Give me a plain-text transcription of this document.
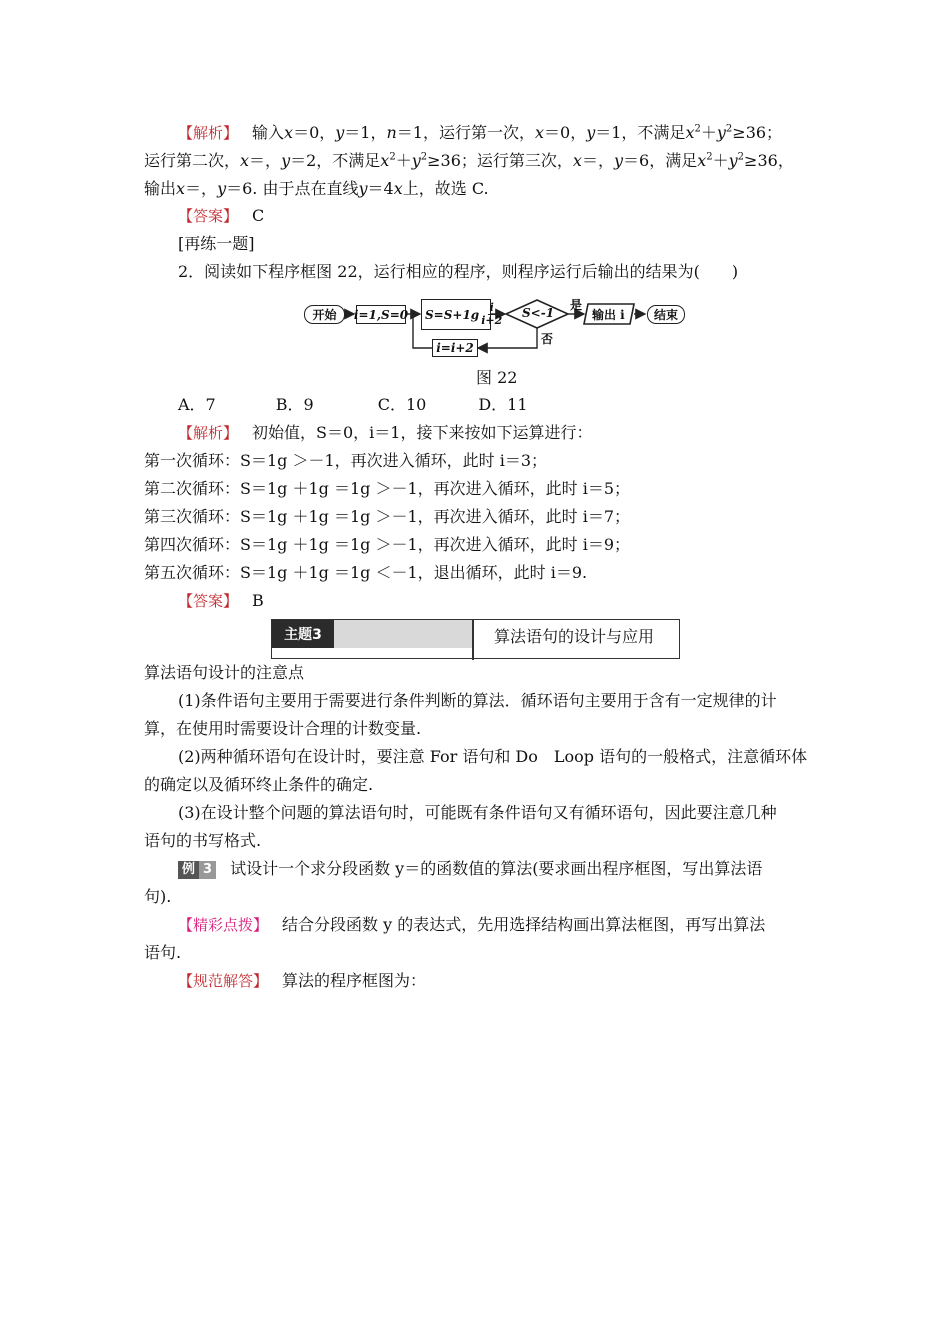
【解析】 输入x＝0，y＝1，n＝1，运行第一次，x＝0，y＝1，不满足$x^2+y^2\ge 36$；
运行第二次，x＝，y＝2，不满足$x^2+y^2\ge 36$；运行第三次，x＝，y＝6，满足$x^2+y^2\ge 36$，
输出x＝，y＝6. 由于点在直线y＝4x上，故选 C.
【答案】 C
[再练一题]
2．阅读如下程序框图 22，运行相应的程序，则程序运行后输出的结果为(　　)
开始	i=1,S=0 $S=S+1g \frac{i}{i+2} S<-1$
是
否
输出 i	结束
i=i+2
图 22
A．7	B．9	C．10	D．11
【解析】 初始值，S＝0，i＝1，接下来按如下运算进行：
第一次循环：S＝1g ＞－1，再次进入循环，此时 i＝3；
第二次循环：S＝1g ＋1g ＝1g ＞－1，再次进入循环，此时 i＝5；
第三次循环：S＝1g ＋1g ＝1g ＞－1，再次进入循环，此时 i＝7；
第四次循环：S＝1g ＋1g ＝1g ＞－1，再次进入循环，此时 i＝9；
第五次循环：S＝1g ＋1g ＝1g ＜－1，退出循环，此时 i＝9.
【答案】 B
主题3	算法语句的设计与应用
算法语句设计的注意点
(1)条件语句主要用于需要进行条件判断的算法．循环语句主要用于含有一定规律的计
算，在使用时需要设计合理的计数变量.
(2)两种循环语句在设计时，要注意 For 语句和 Do　Loop 语句的一般格式，注意循环体
的确定以及循环终止条件的确定.
(3)在设计整个问题的算法语句时，可能既有条件语句又有循环语句，因此要注意几种
语句的书写格式.
例 3 试设计一个求分段函数 y＝的函数值的算法(要求画出程序框图，写出算法语
句).
【精彩点拨】 结合分段函数 y 的表达式，先用选择结构画出算法框图，再写出算法
语句.
【规范解答】 算法的程序框图为：
